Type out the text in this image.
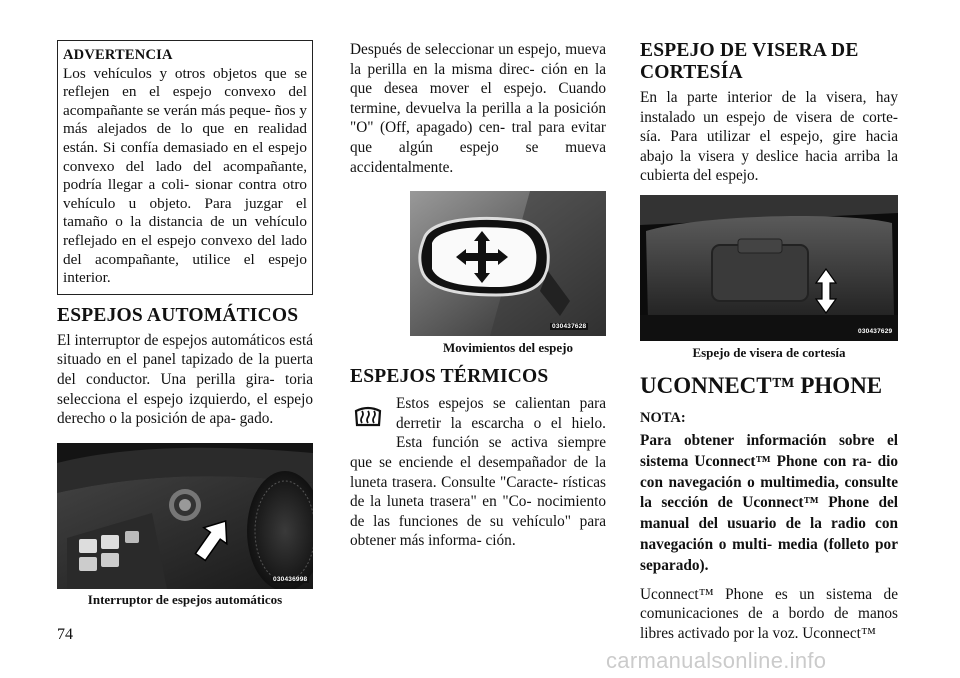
ADVERTENCIA
Los vehículos y otros objetos que se reflejen en el espejo convexo del acompañante se verán más peque- ños y más alejados de lo que en realidad están. Si confía demasiado en el espejo convexo del lado del acompañante, podría llegar a coli- sionar contra otro vehículo u objeto. Para juzgar el tamaño o la distancia de un vehículo reflejado en el espejo convexo del lado del acompañante, utilice el espejo interior.
ESPEJOS AUTOMÁTICOS

El interruptor de espejos automáticos está situado en el panel tapizado de la puerta del conductor. Una perilla gira- toria selecciona el espejo izquierdo, el espejo derecho o la posición de apa- gado.

030436998
Interruptor de espejos automáticos

Después de seleccionar un espejo, mueva la perilla en la misma direc- ción en la que desea mover el espejo. Cuando termine, devuelva la perilla a la posición "O" (Off, apagado) cen- tral para evitar que algún espejo se mueva accidentalmente.

030437628
Movimientos del espejo
ESPEJOS TÉRMICOS

Estos espejos se calientan para derretir la escarcha o el hielo. Esta función se activa siempre que se enciende el desempañador de la luneta trasera. Consulte "Caracte- rísticas de la luneta trasera" en "Co- nocimiento de las funciones de su vehículo" para obtener más informa- ción.

ESPEJO DE VISERA DE CORTESÍA

En la parte interior de la visera, hay instalado un espejo de visera de corte- sía. Para utilizar el espejo, gire hacia abajo la visera y deslice hacia arriba la cubierta del espejo.

030437629
Espejo de visera de cortesía
UCONNECT™ PHONE

NOTA:

Para obtener información sobre el sistema Uconnect™ Phone con ra- dio con navegación o multimedia, consulte la sección de Uconnect™ Phone del manual del usuario de la radio con navegación o multi- media (folleto por separado).

Uconnect™ Phone es un sistema de comunicaciones de a bordo de manos libres activado por la voz. Uconnect™

74
carmanualsonline.info
